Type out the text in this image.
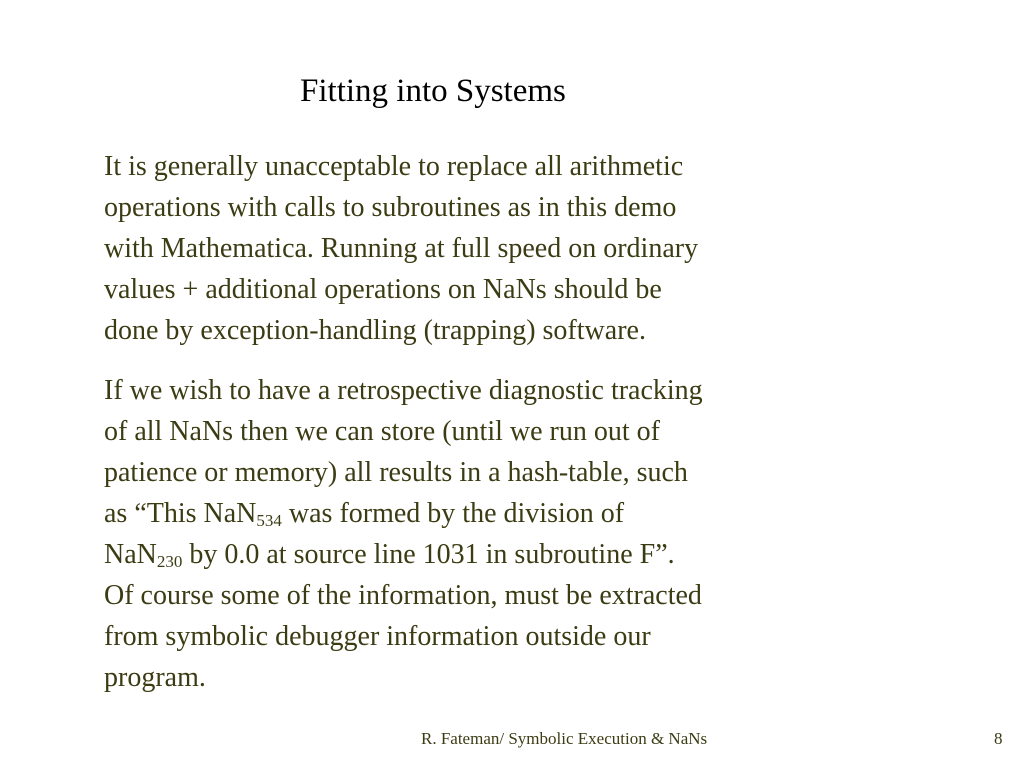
Fitting into Systems
It is generally unacceptable to replace all arithmetic
operations with calls to subroutines as in this demo
with Mathematica. Running at full speed on ordinary
values + additional operations on NaNs should be
done by exception-handling (trapping) software.
If we wish to have a retrospective diagnostic tracking
of all NaNs then we can store (until we run out of
patience or memory) all results in a hash-table, such
as “This NaN$_{534}$ was formed by the division of
NaN$_{230}$ by 0.0 at source line 1031 in subroutine F”.
Of course some of the information, must be extracted
from symbolic debugger information outside our
program.
R. Fateman/ Symbolic Execution & NaNs	8
